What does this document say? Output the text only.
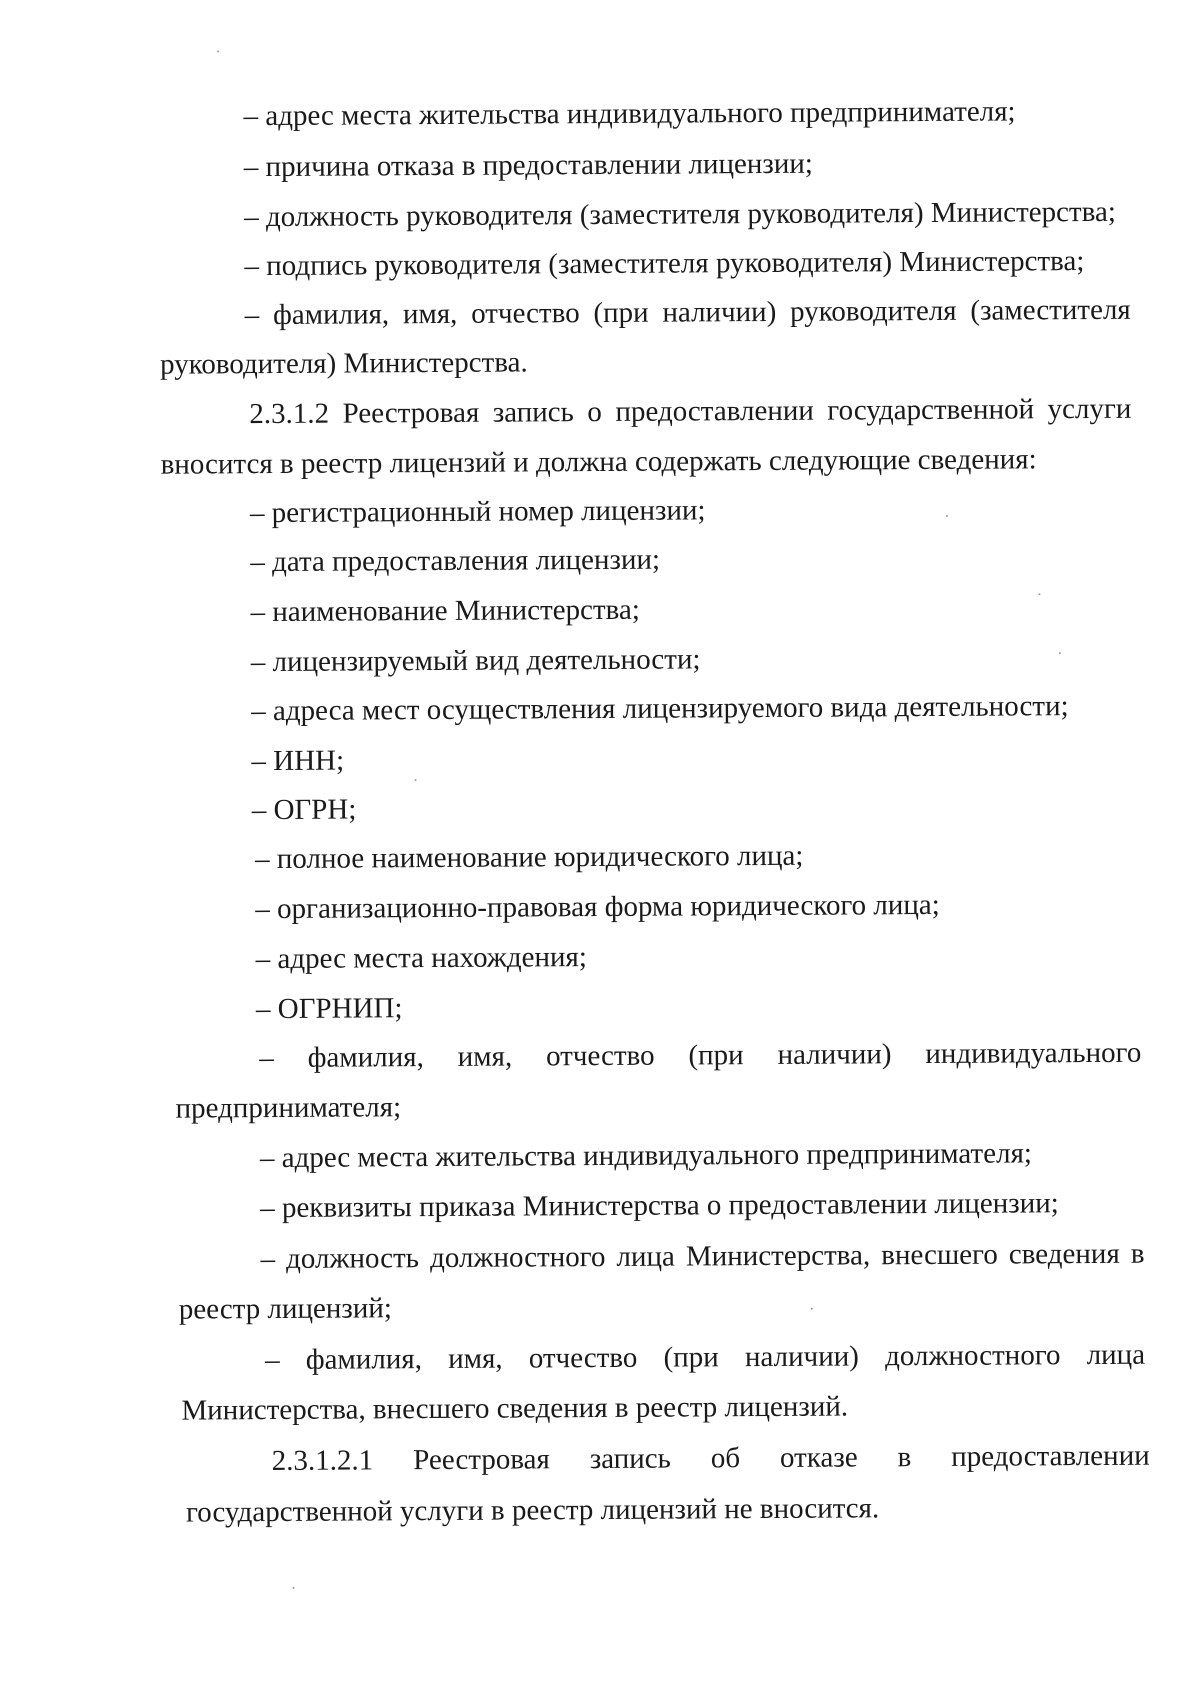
– адрес места жительства индивидуального предпринимателя;
– причина отказа в предоставлении лицензии;
– должность руководителя (заместителя руководителя) Министерства;
– подпись руководителя (заместителя руководителя) Министерства;
– фамилия, имя, отчество (при наличии) руководителя (заместителя
руководителя) Министерства.
2.3.1.2 Реестровая запись о предоставлении государственной услуги
вносится в реестр лицензий и должна содержать следующие сведения:
– регистрационный номер лицензии;
– дата предоставления лицензии;
– наименование Министерства;
– лицензируемый вид деятельности;
– адреса мест осуществления лицензируемого вида деятельности;
– ИНН;
– ОГРН;
– полное наименование юридического лица;
– организационно-правовая форма юридического лица;
– адрес места нахождения;
– ОГРНИП;
– фамилия, имя, отчество (при наличии) индивидуального
предпринимателя;
– адрес места жительства индивидуального предпринимателя;
– реквизиты приказа Министерства о предоставлении лицензии;
– должность должностного лица Министерства, внесшего сведения в
реестр лицензий;
– фамилия, имя, отчество (при наличии) должностного лица
Министерства, внесшего сведения в реестр лицензий.
2.3.1.2.1 Реестровая запись об отказе в предоставлении
государственной услуги в реестр лицензий не вносится.
